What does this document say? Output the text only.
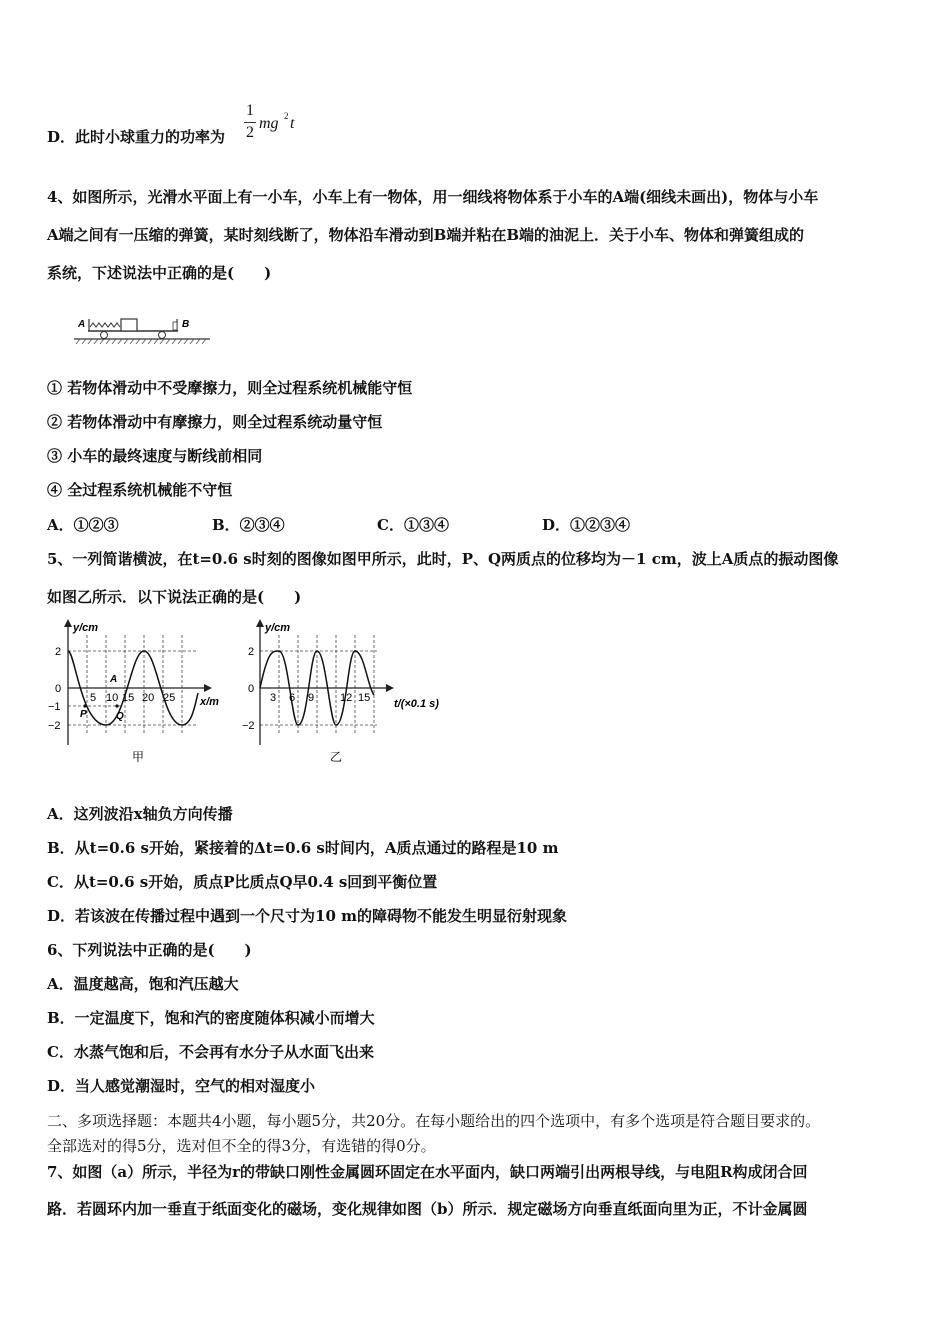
D．此时小球重力的功率为
1
2
mg 2 t
4、如图所示，光滑水平面上有一小车，小车上有一物体，用一细线将物体系于小车的A端(细线未画出)，物体与小车
A端之间有一压缩的弹簧，某时刻线断了，物体沿车滑动到B端并粘在B端的油泥上．关于小车、物体和弹簧组成的
系统，下述说法中正确的是(　　)
A	B
① 若物体滑动中不受摩擦力，则全过程系统机械能守恒
② 若物体滑动中有摩擦力，则全过程系统动量守恒
③ 小车的最终速度与断线前相同
④ 全过程系统机械能不守恒
A．①②③	B．②③④	C．①③④	D．①②③④
5、一列简谐横波，在t=0.6 s时刻的图像如图甲所示，此时，P、Q两质点的位移均为－1 cm，波上A质点的振动图像
如图乙所示．以下说法正确的是(　　)
y/cm
x/m
2
0
−1
−2
5 10 15 20 25
A
P	Q
甲
y/cm
t/(×0.1 s)
2
0
−2
3 6 9 12 15
乙
A．这列波沿x轴负方向传播
B．从t=0.6 s开始，紧接着的Δt=0.6 s时间内，A质点通过的路程是10 m
C．从t=0.6 s开始，质点P比质点Q早0.4 s回到平衡位置
D．若该波在传播过程中遇到一个尺寸为10 m的障碍物不能发生明显衍射现象
6、下列说法中正确的是(　　)
A．温度越高，饱和汽压越大
B．一定温度下，饱和汽的密度随体积减小而增大
C．水蒸气饱和后，不会再有水分子从水面飞出来
D．当人感觉潮湿时，空气的相对湿度小
二、多项选择题：本题共4小题，每小题5分，共20分。在每小题给出的四个选项中，有多个选项是符合题目要求的。
全部选对的得5分，选对但不全的得3分，有选错的得0分。
7、如图（a）所示，半径为r的带缺口刚性金属圆环固定在水平面内，缺口两端引出两根导线，与电阻R构成闭合回
路．若圆环内加一垂直于纸面变化的磁场，变化规律如图（b）所示．规定磁场方向垂直纸面向里为正，不计金属圆
